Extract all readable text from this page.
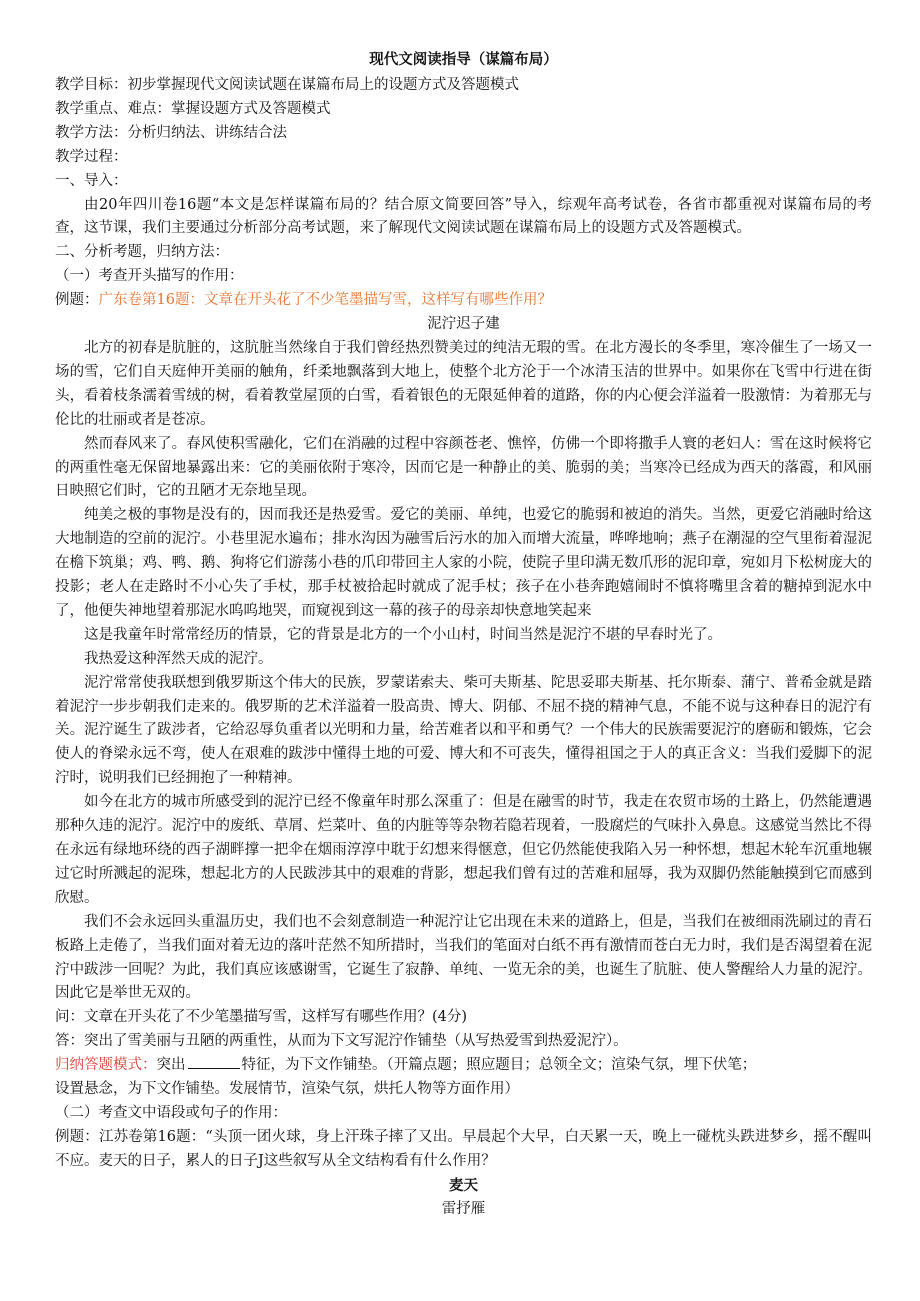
现代文阅读指导（谋篇布局）
教学目标：初步掌握现代文阅读试题在谋篇布局上的设题方式及答题模式
教学重点、难点：掌握设题方式及答题模式
教学方法：分析归纳法、讲练结合法
教学过程：
一、导入：

由20年四川卷16题“本文是怎样谋篇布局的？结合原文简要回答”导入，综观年高考试卷，各省市都重视对谋篇布局的考查，这节课，我们主要通过分析部分高考试题，来了解现代文阅读试题在谋篇布局上的设题方式及答题模式。

二、分析考题，归纳方法：
（一）考查开头描写的作用：
例题：广东卷第16题：文章在开头花了不少笔墨描写雪，这样写有哪些作用？
泥泞迟子建

北方的初春是肮脏的，这肮脏当然缘自于我们曾经热烈赞美过的纯洁无瑕的雪。在北方漫长的冬季里，寒冷催生了一场又一场的雪，它们自天庭伸开美丽的触角，纤柔地飘落到大地上，使整个北方沦于一个冰清玉洁的世界中。如果你在飞雪中行进在街头，看着枝条濡着雪绒的树，看着教堂屋顶的白雪，看着银色的无限延伸着的道路，你的内心便会洋溢着一股激情：为着那无与伦比的壮丽或者是苍凉。

然而春风来了。春风使积雪融化，它们在消融的过程中容颜苍老、憔悴，仿佛一个即将撒手人寰的老妇人：雪在这时候将它的两重性毫无保留地暴露出来：它的美丽依附于寒冷，因而它是一种静止的美、脆弱的美；当寒冷已经成为西天的落霞，和风丽日映照它们时，它的丑陋才无奈地呈现。

纯美之极的事物是没有的，因而我还是热爱雪。爱它的美丽、单纯，也爱它的脆弱和被迫的消失。当然，更爱它消融时给这大地制造的空前的泥泞。小巷里泥水遍布；排水沟因为融雪后污水的加入而增大流量，哗哗地响；燕子在潮湿的空气里衔着湿泥在檐下筑巢；鸡、鸭、鹅、狗将它们游荡小巷的爪印带回主人家的小院，使院子里印满无数爪形的泥印章，宛如月下松树庞大的投影；老人在走路时不小心失了手杖，那手杖被拾起时就成了泥手杖；孩子在小巷奔跑嬉闹时不慎将嘴里含着的糖掉到泥水中了，他便失神地望着那泥水呜呜地哭，而窥视到这一幕的孩子的母亲却快意地笑起来

这是我童年时常常经历的情景，它的背景是北方的一个小山村，时间当然是泥泞不堪的早春时光了。

我热爱这种浑然天成的泥泞。

泥泞常常使我联想到俄罗斯这个伟大的民族，罗蒙诺索夫、柴可夫斯基、陀思妥耶夫斯基、托尔斯泰、蒲宁、普希金就是踏着泥泞一步步朝我们走来的。俄罗斯的艺术洋溢着一股高贵、博大、阴郁、不屈不挠的精神气息，不能不说与这种春日的泥泞有关。泥泞诞生了跋涉者，它给忍辱负重者以光明和力量，给苦难者以和平和勇气？一个伟大的民族需要泥泞的磨砺和锻炼，它会使人的脊梁永远不弯，使人在艰难的跋涉中懂得土地的可爱、博大和不可丧失，懂得祖国之于人的真正含义：当我们爱脚下的泥泞时，说明我们已经拥抱了一种精神。

如今在北方的城市所感受到的泥泞已经不像童年时那么深重了：但是在融雪的时节，我走在农贸市场的土路上，仍然能遭遇那种久违的泥泞。泥泞中的废纸、草屑、烂菜叶、鱼的内脏等等杂物若隐若现着，一股腐烂的气味扑入鼻息。这感觉当然比不得在永远有绿地环绕的西子湖畔撑一把伞在烟雨淳淳中耽于幻想来得惬意，但它仍然能使我陷入另一种怀想，想起木轮车沉重地辗过它时所溅起的泥珠，想起北方的人民跋涉其中的艰难的背影，想起我们曾有过的苦难和屈辱，我为双脚仍然能触摸到它而感到欣慰。

我们不会永远回头重温历史，我们也不会刻意制造一种泥泞让它出现在未来的道路上，但是，当我们在被细雨洗刷过的青石板路上走倦了，当我们面对着无边的落叶茫然不知所措时，当我们的笔面对白纸不再有激情而苍白无力时，我们是否渴望着在泥泞中跋涉一回呢？为此，我们真应该感谢雪，它诞生了寂静、单纯、一览无余的美，也诞生了肮脏、使人警醒给人力量的泥泞。因此它是举世无双的。

问：文章在开头花了不少笔墨描写雪，这样写有哪些作用？(4分)
答：突出了雪美丽与丑陋的两重性，从而为下文写泥泞作铺垫（从写热爱雪到热爱泥泞）。
归纳答题模式：突出	特征，为下文作铺垫。（开篇点题；照应题目；总领全文；渲染气氛，埋下伏笔；
设置悬念，为下文作铺垫。发展情节，渲染气氛，烘托人物等方面作用）
（二）考查文中语段或句子的作用：

例题：江苏卷第16题：“头顶一团火球，身上汗珠子摔了又出。早晨起个大早，白天累一天，晚上一碰枕头跌进梦乡，摇不醒叫不应。麦天的日子，累人的日子J这些叙写从全文结构看有什么作用？

麦天
雷抒雁
